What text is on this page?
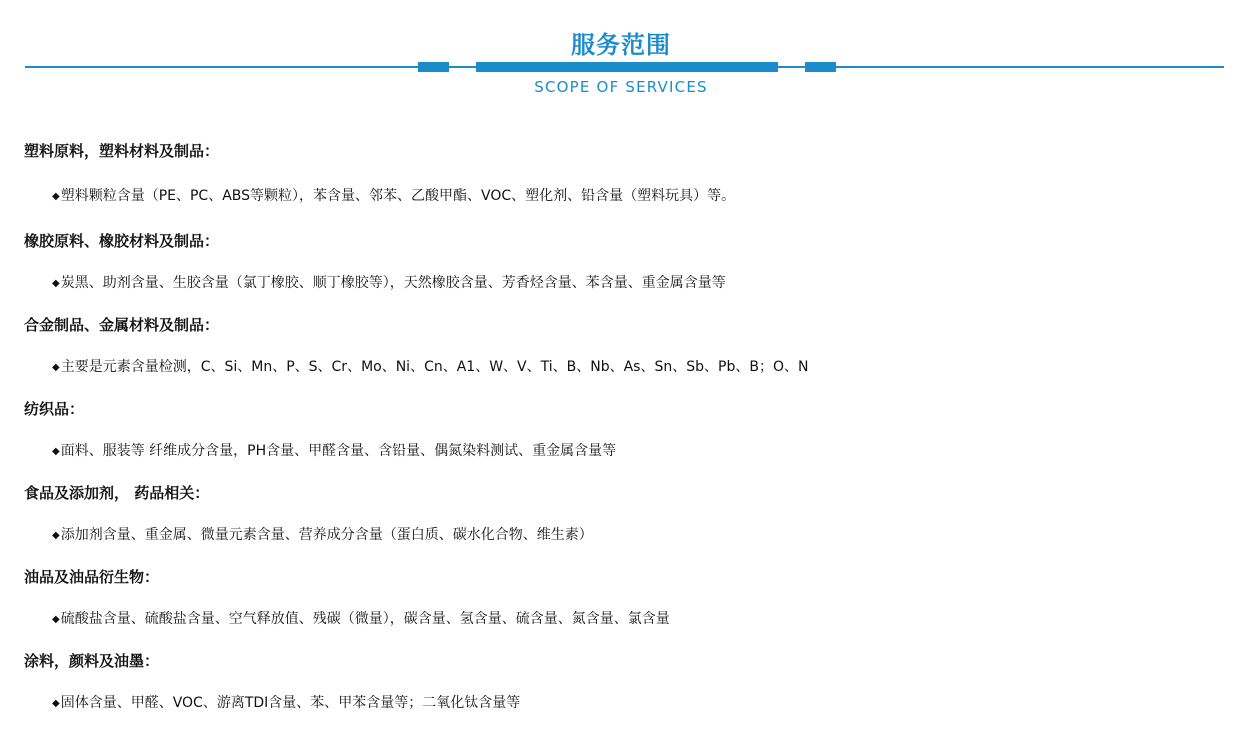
服务范围
SCOPE OF SERVICES
塑料原料，塑料材料及制品：
◆塑料颗粒含量（PE、PC、ABS等颗粒），苯含量、邻苯、乙酸甲酯、VOC、塑化剂、铅含量（塑料玩具）等。
橡胶原料、橡胶材料及制品：
◆炭黑、助剂含量、生胶含量（氯丁橡胶、顺丁橡胶等），天然橡胶含量、芳香烃含量、苯含量、重金属含量等
合金制品、金属材料及制品：
◆主要是元素含量检测，C、Si、Mn、P、S、Cr、Mo、Ni、Cn、A1、W、V、Ti、B、Nb、As、Sn、Sb、Pb、B；O、N
纺织品：
◆面料、服装等 纤维成分含量，PH含量、甲醛含量、含铅量、偶氮染料测试、重金属含量等
食品及添加剂， 药品相关：
◆添加剂含量、重金属、微量元素含量、营养成分含量（蛋白质、碳水化合物、维生素）
油品及油品衍生物：
◆硫酸盐含量、硫酸盐含量、空气释放值、残碳（微量），碳含量、氢含量、硫含量、氮含量、氯含量
涂料，颜料及油墨：
◆固体含量、甲醛、VOC、游离TDI含量、苯、甲苯含量等；二氧化钛含量等
